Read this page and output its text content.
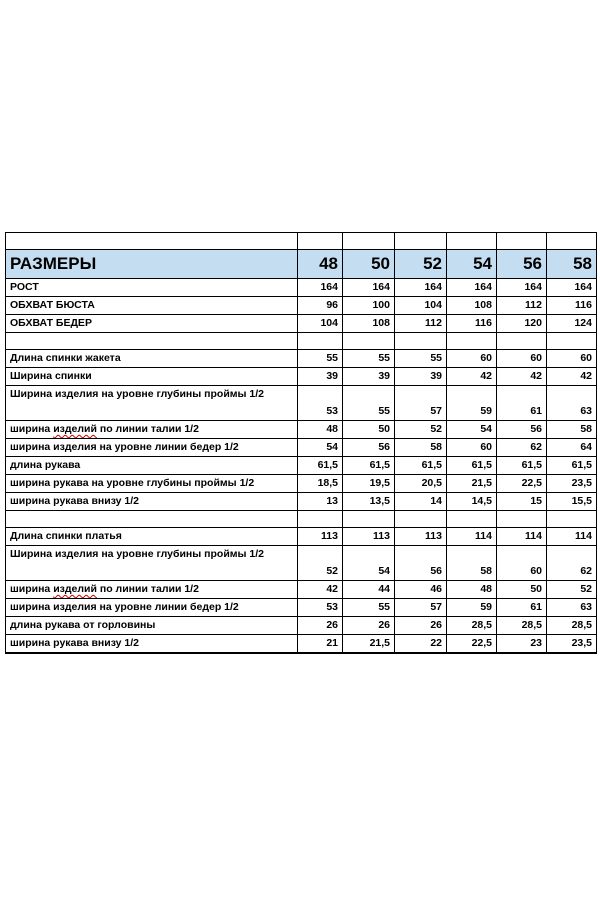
РАЗМЕРЫ	48	50	52	54	56	58
РОСТ	164	164	164	164	164	164
ОБХВАТ БЮСТА	96	100	104	108	112	116
ОБХВАТ БЕДЕР	104	108	112	116	120	124

Длина спинки жакета	55	55	55	60	60	60
Ширина спинки	39	39	39	42	42	42
Ширина изделия на уровне глубины проймы 1/2	53	55	57	59	61	63
ширина изделий по линии талии 1/2	48	50	52	54	56	58
ширина изделия на уровне линии бедер 1/2	54	56	58	60	62	64
длина рукава	61,5	61,5	61,5	61,5	61,5	61,5
ширина рукава на уровне глубины проймы 1/2	18,5	19,5	20,5	21,5	22,5	23,5
ширина рукава внизу 1/2	13	13,5	14	14,5	15	15,5

Длина спинки платья	113	113	113	114	114	114
Ширина изделия на уровне глубины проймы 1/2	52	54	56	58	60	62
ширина изделий по линии талии 1/2	42	44	46	48	50	52
ширина изделия на уровне линии бедер 1/2	53	55	57	59	61	63
длина рукава от горловины	26	26	26	28,5	28,5	28,5
ширина рукава внизу 1/2	21	21,5	22	22,5	23	23,5
